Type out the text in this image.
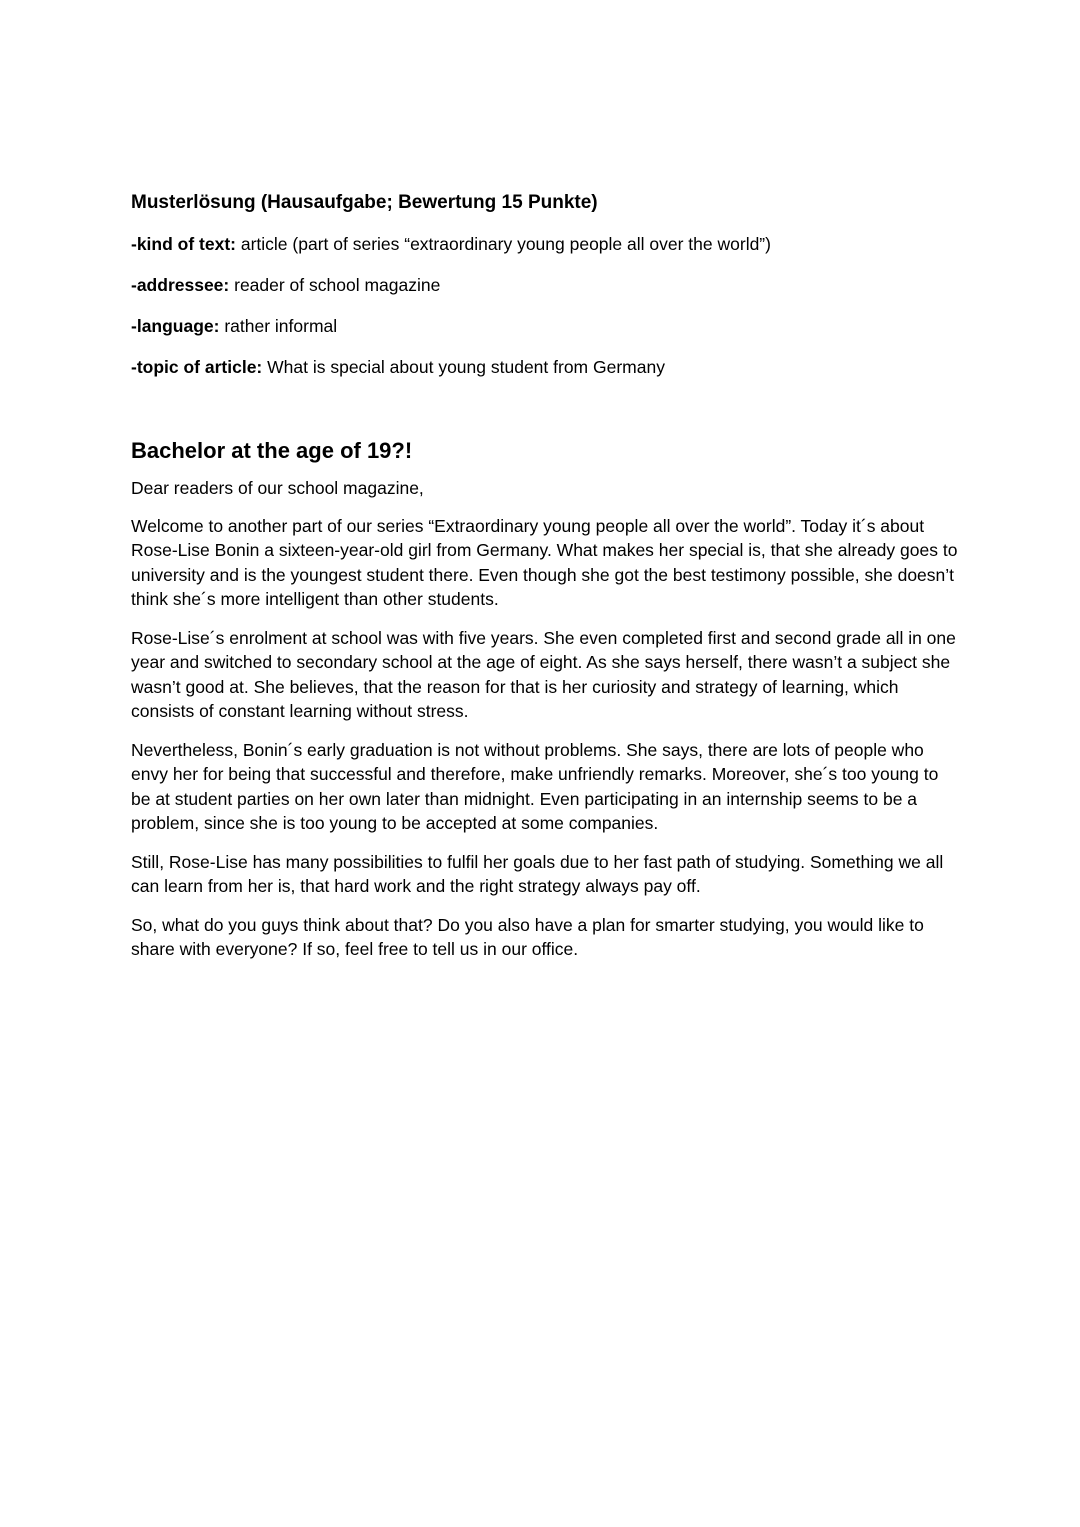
Musterlösung (Hausaufgabe; Bewertung 15 Punkte)
-kind of text: article (part of series “extraordinary young people all over the world”)
-addressee: reader of school magazine
-language: rather informal
-topic of article: What is special about young student from Germany
Bachelor at the age of 19?!
Dear readers of our school magazine,
Welcome to another part of our series “Extraordinary young people all over the world”. Today it´s about Rose-Lise Bonin a sixteen-year-old girl from Germany. What makes her special is, that she already goes to university and is the youngest student there. Even though she got the best testimony possible, she doesn’t think she´s more intelligent than other students.
Rose-Lise´s enrolment at school was with five years. She even completed first and second grade all in one year and switched to secondary school at the age of eight. As she says herself, there wasn’t a subject she wasn’t good at. She believes, that the reason for that is her curiosity and strategy of learning, which consists of constant learning without stress.
Nevertheless, Bonin´s early graduation is not without problems. She says, there are lots of people who envy her for being that successful and therefore, make unfriendly remarks. Moreover, she´s too young to be at student parties on her own later than midnight. Even participating in an internship seems to be a problem, since she is too young to be accepted at some companies.
Still, Rose-Lise has many possibilities to fulfil her goals due to her fast path of studying. Something we all can learn from her is, that hard work and the right strategy always pay off.
So, what do you guys think about that? Do you also have a plan for smarter studying, you would like to share with everyone? If so, feel free to tell us in our office.
